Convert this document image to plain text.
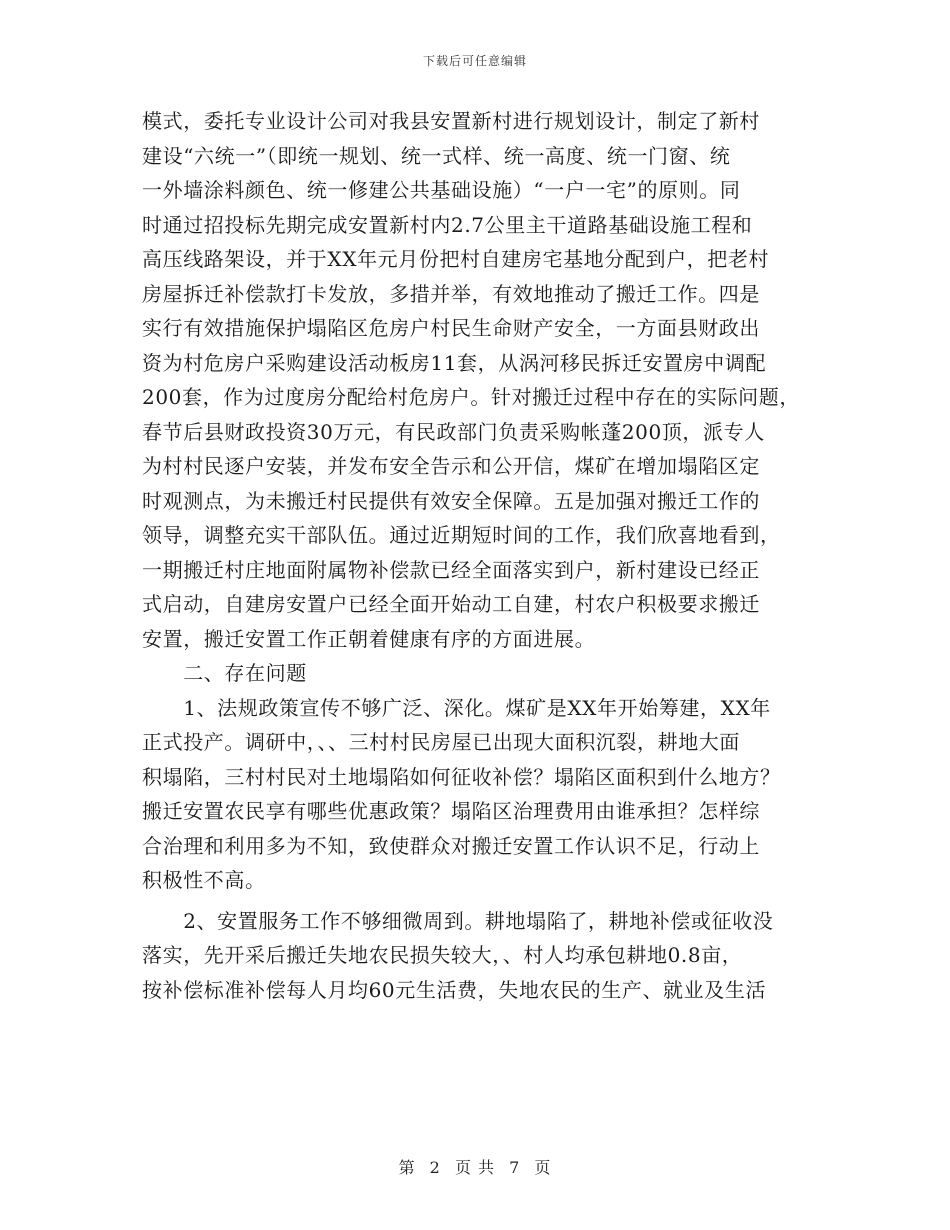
下载后可任意编辑
模式，委托专业设计公司对我县安置新村进行规划设计，制定了新村
建设“六统一”（即统一规划、统一式样、统一高度、统一门窗、统
一外墙涂料颜色、统一修建公共基础设施）“一户一宅”的原则。同
时通过招投标先期完成安置新村内2.7公里主干道路基础设施工程和
高压线路架设，并于XX年元月份把村自建房宅基地分配到户，把老村
房屋拆迁补偿款打卡发放，多措并举，有效地推动了搬迁工作。四是
实行有效措施保护塌陷区危房户村民生命财产安全，一方面县财政出
资为村危房户采购建设活动板房11套，从涡河移民拆迁安置房中调配
200套，作为过度房分配给村危房户。针对搬迁过程中存在的实际问题，
春节后县财政投资30万元，有民政部门负责采购帐蓬200顶，派专人
为村村民逐户安装，并发布安全告示和公开信，煤矿在增加塌陷区定
时观测点，为未搬迁村民提供有效安全保障。五是加强对搬迁工作的
领导，调整充实干部队伍。通过近期短时间的工作，我们欣喜地看到，
一期搬迁村庄地面附属物补偿款已经全面落实到户，新村建设已经正
式启动，自建房安置户已经全面开始动工自建，村农户积极要求搬迁
安置，搬迁安置工作正朝着健康有序的方面进展。
　　二、存在问题
　　1、法规政策宣传不够广泛、深化。煤矿是XX年开始筹建，XX年
正式投产。调研中，、、三村村民房屋已出现大面积沉裂，耕地大面
积塌陷，三村村民对土地塌陷如何征收补偿？塌陷区面积到什么地方？
搬迁安置农民享有哪些优惠政策？塌陷区治理费用由谁承担？怎样综
合治理和利用多为不知，致使群众对搬迁安置工作认识不足，行动上
积极性不高。
　　2、安置服务工作不够细微周到。耕地塌陷了，耕地补偿或征收没
落实，先开采后搬迁失地农民损失较大，、村人均承包耕地0.8亩，
按补偿标准补偿每人月均60元生活费，失地农民的生产、就业及生活
第 2 页 共 7 页
